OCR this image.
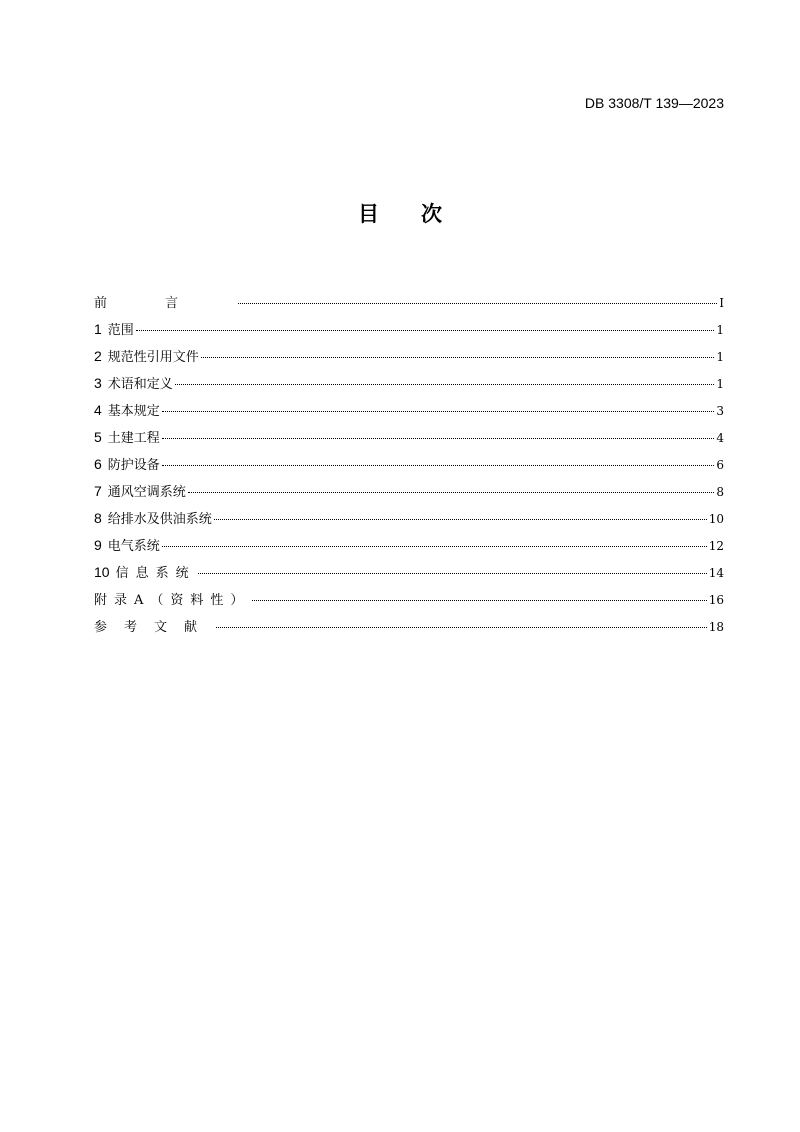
DB 3308/T 139—2023
目次
前言	I
1 范围	1
2 规范性引用文件	1
3 术语和定义	1
4 基本规定	3
5 土建工程	4
6 防护设备	6
7 通风空调系统	8
8 给排水及供油系统	10
9 电气系统	12
10 信息系统	14
附录A（资料性）	16
参考文献	18
